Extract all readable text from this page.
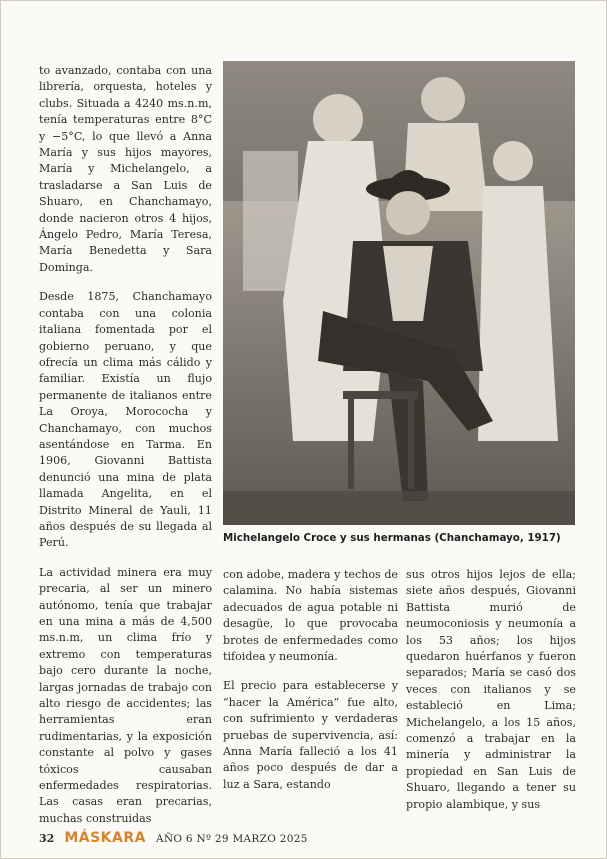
to avanzado, contaba con una librería, orquesta, hoteles y clubs. Situada a 4240 ms.n.m, tenía temperaturas entre 8°C y −5°C, lo que llevó a Anna María y sus hijos mayores, María y Michelangelo, a trasladarse a San Luis de Shuaro, en Chanchamayo, donde nacieron otros 4 hijos, Ángelo Pedro, María Teresa, María Benedetta y Sara Dominga.

Desde 1875, Chanchamayo contaba con una colonia italiana fomentada por el gobierno peruano, y que ofrecía un clima más cálido y familiar. Existía un flujo permanente de italianos entre La Oroya, Morococha y Chanchamayo, con muchos asentándose en Tarma. En 1906, Giovanni Battista denunció una mina de plata llamada Angelita, en el Distrito Mineral de Yauli, 11 años después de su llegada al Perú.

La actividad minera era muy precaria, al ser un minero autónomo, tenía que trabajar en una mina a más de 4,500 ms.n.m, un clima frío y extremo con temperaturas bajo cero durante la noche, largas jornadas de trabajo con alto riesgo de accidentes; las herramientas eran rudimentarias, y la exposición constante al polvo y gases tóxicos causaban enfermedades respiratorias. Las casas eran precarias, muchas construidas

Michelangelo Croce y sus hermanas (Chanchamayo, 1917)

con adobe, madera y techos de calamina. No había sistemas adecuados de agua potable ni desagüe, lo que provocaba brotes de enfermedades como tifoidea y neumonía.

El precio para establecerse y “hacer la América” fue alto, con sufrimiento y verdaderas pruebas de supervivencia, así: Anna María falleció a los 41 años poco después de dar a luz a Sara, estando

sus otros hijos lejos de ella; siete años después, Giovanni Battista murió de neumoconiosis y neumonía a los 53 años; los hijos quedaron huérfanos y fueron separados; María se casó dos veces con italianos y se estableció en Lima; Michelangelo, a los 15 años, comenzó a trabajar en la minería y administrar la propiedad en San Luis de Shuaro, llegando a tener su propio alambique, y sus

32 MÁSKARA AÑO 6 Nº 29 MARZO 2025
